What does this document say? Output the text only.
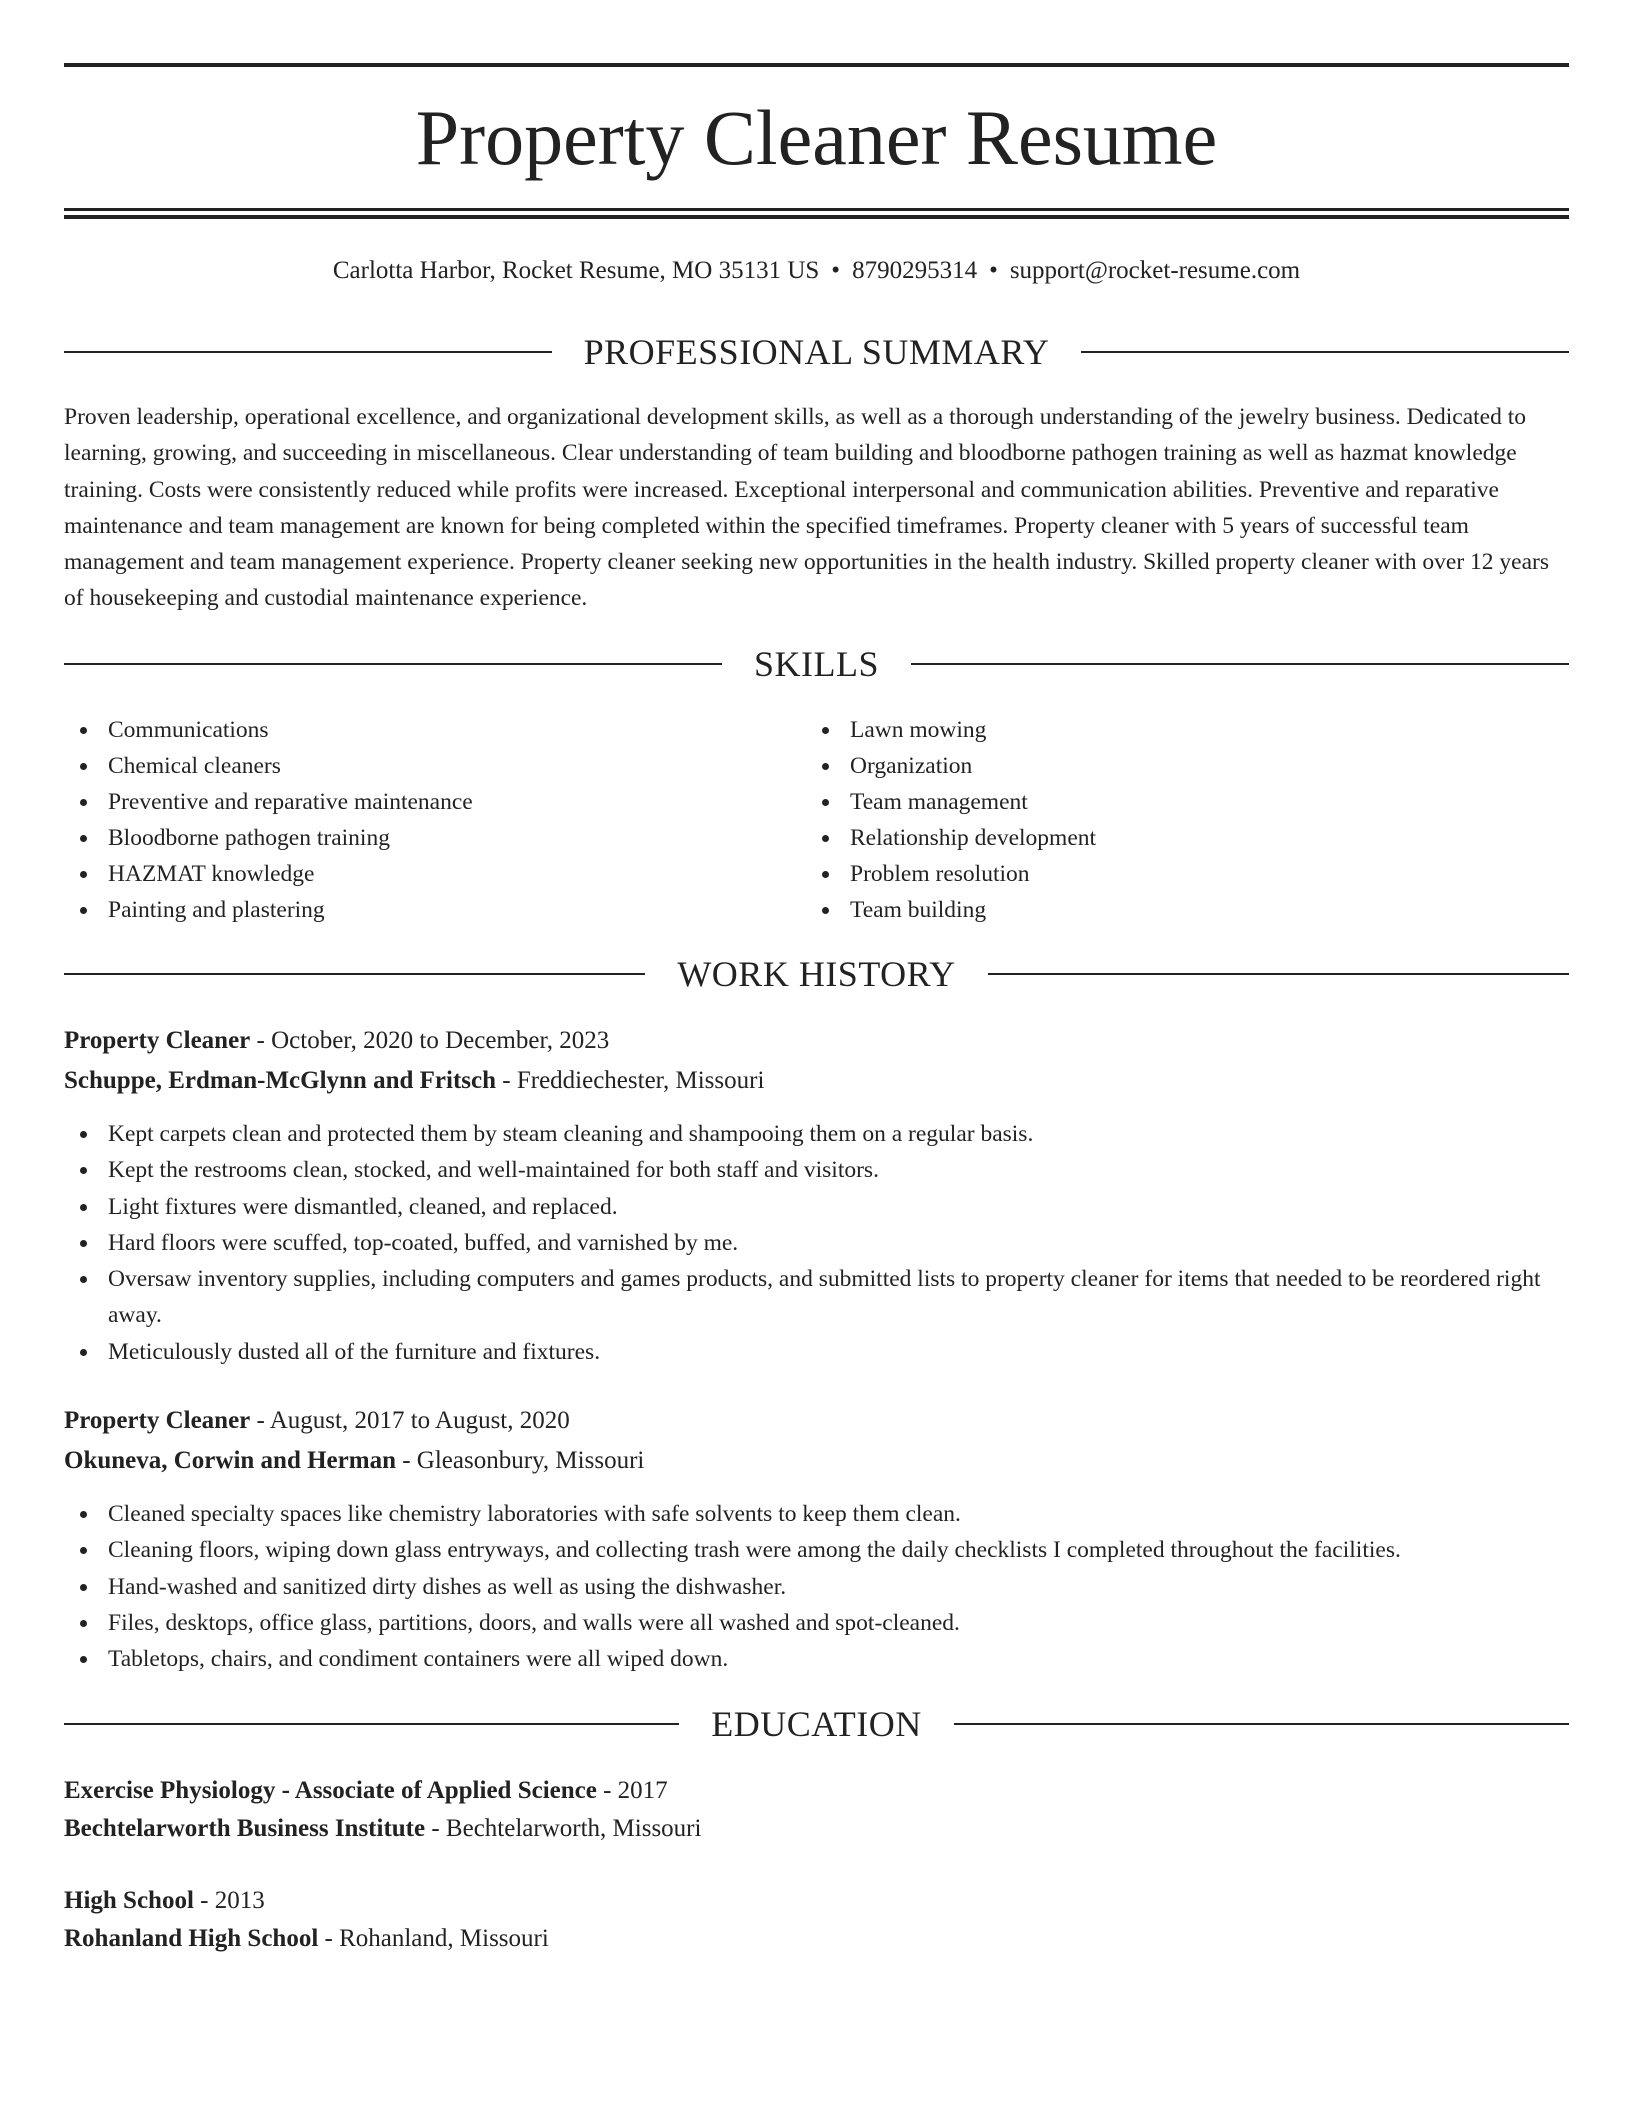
Property Cleaner Resume
Carlotta Harbor, Rocket Resume, MO 35131 US • 8790295314 • support@rocket-resume.com
PROFESSIONAL SUMMARY

Proven leadership, operational excellence, and organizational development skills, as well as a thorough understanding of the jewelry business. Dedicated to learning, growing, and succeeding in miscellaneous. Clear understanding of team building and bloodborne pathogen training as well as hazmat knowledge training. Costs were consistently reduced while profits were increased. Exceptional interpersonal and communication abilities. Preventive and reparative maintenance and team management are known for being completed within the specified timeframes. Property cleaner with 5 years of successful team management and team management experience. Property cleaner seeking new opportunities in the health industry. Skilled property cleaner with over 12 years of housekeeping and custodial maintenance experience.

SKILLS
Communications
Chemical cleaners
Preventive and reparative maintenance
Bloodborne pathogen training
HAZMAT knowledge
Painting and plastering
Lawn mowing
Organization
Team management
Relationship development
Problem resolution
Team building
WORK HISTORY
Property Cleaner - October, 2020 to December, 2023
Schuppe, Erdman-McGlynn and Fritsch - Freddiechester, Missouri
Kept carpets clean and protected them by steam cleaning and shampooing them on a regular basis.
Kept the restrooms clean, stocked, and well-maintained for both staff and visitors.
Light fixtures were dismantled, cleaned, and replaced.
Hard floors were scuffed, top-coated, buffed, and varnished by me.
Oversaw inventory supplies, including computers and games products, and submitted lists to property cleaner for items that needed to be reordered right away.
Meticulously dusted all of the furniture and fixtures.
Property Cleaner - August, 2017 to August, 2020
Okuneva, Corwin and Herman - Gleasonbury, Missouri
Cleaned specialty spaces like chemistry laboratories with safe solvents to keep them clean.
Cleaning floors, wiping down glass entryways, and collecting trash were among the daily checklists I completed throughout the facilities.
Hand-washed and sanitized dirty dishes as well as using the dishwasher.
Files, desktops, office glass, partitions, doors, and walls were all washed and spot-cleaned.
Tabletops, chairs, and condiment containers were all wiped down.
EDUCATION
Exercise Physiology - Associate of Applied Science - 2017
Bechtelarworth Business Institute - Bechtelarworth, Missouri
High School - 2013
Rohanland High School - Rohanland, Missouri
